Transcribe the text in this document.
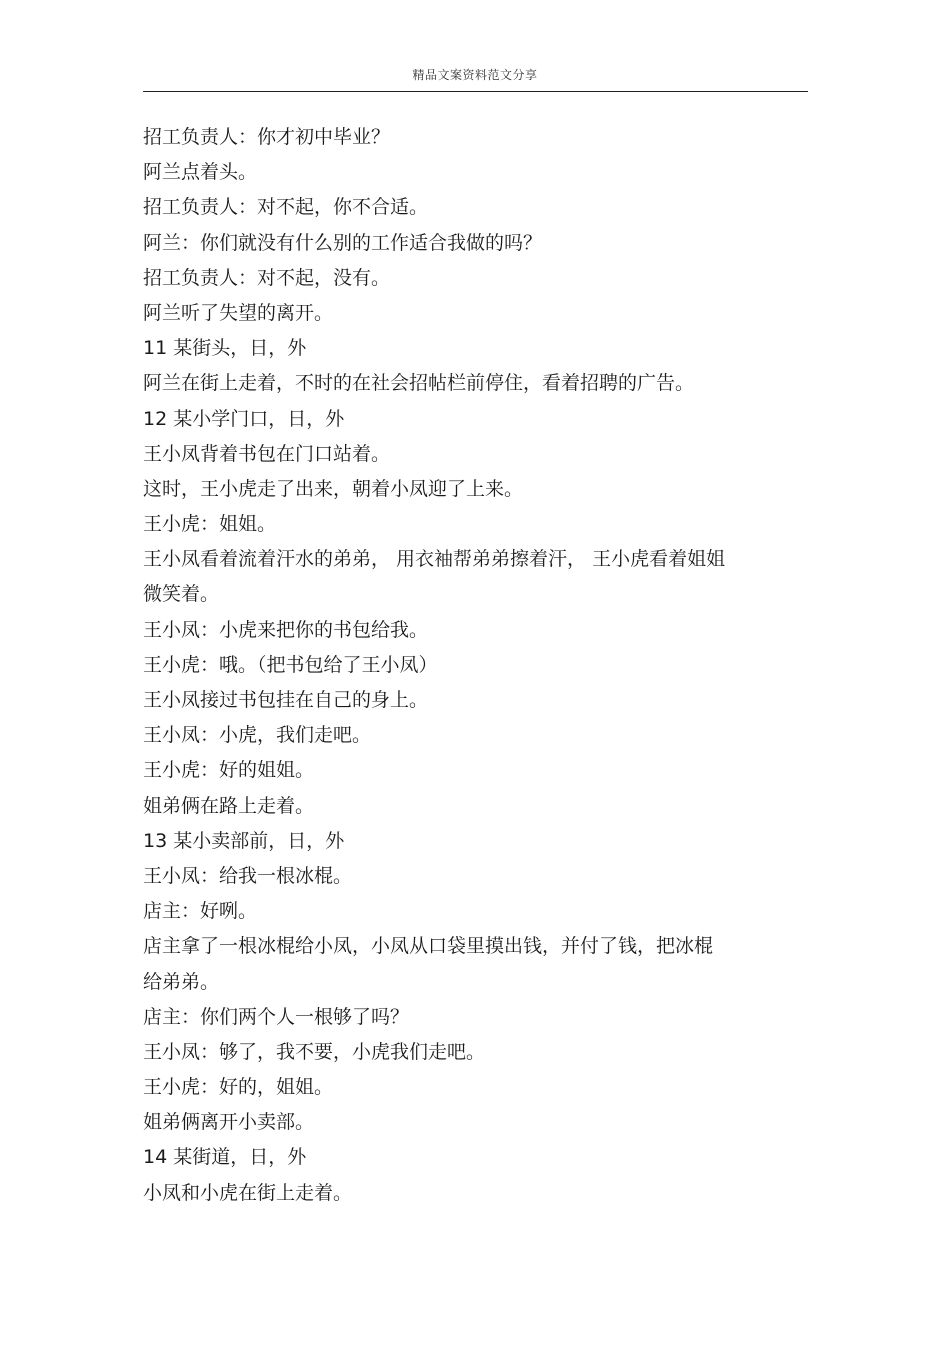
精品文案资料范文分享
招工负责人：你才初中毕业？
阿兰点着头。
招工负责人：对不起，你不合适。
阿兰：你们就没有什么别的工作适合我做的吗？
招工负责人：对不起，没有。
阿兰听了失望的离开。
11 某街头，日，外
阿兰在街上走着，不时的在社会招帖栏前停住，看着招聘的广告。
12 某小学门口，日，外
王小凤背着书包在门口站着。
这时，王小虎走了出来，朝着小凤迎了上来。
王小虎：姐姐。
王小凤看着流着汗水的弟弟， 用衣袖帮弟弟擦着汗， 王小虎看着姐姐
微笑着。
王小凤：小虎来把你的书包给我。
王小虎：哦。（把书包给了王小凤）
王小凤接过书包挂在自己的身上。
王小凤：小虎，我们走吧。
王小虎：好的姐姐。
姐弟俩在路上走着。
13 某小卖部前，日，外
王小凤：给我一根冰棍。
店主：好咧。
店主拿了一根冰棍给小凤，小凤从口袋里摸出钱，并付了钱，把冰棍
给弟弟。
店主：你们两个人一根够了吗？
王小凤：够了，我不要，小虎我们走吧。
王小虎：好的，姐姐。
姐弟俩离开小卖部。
14 某街道，日，外
小凤和小虎在街上走着。
